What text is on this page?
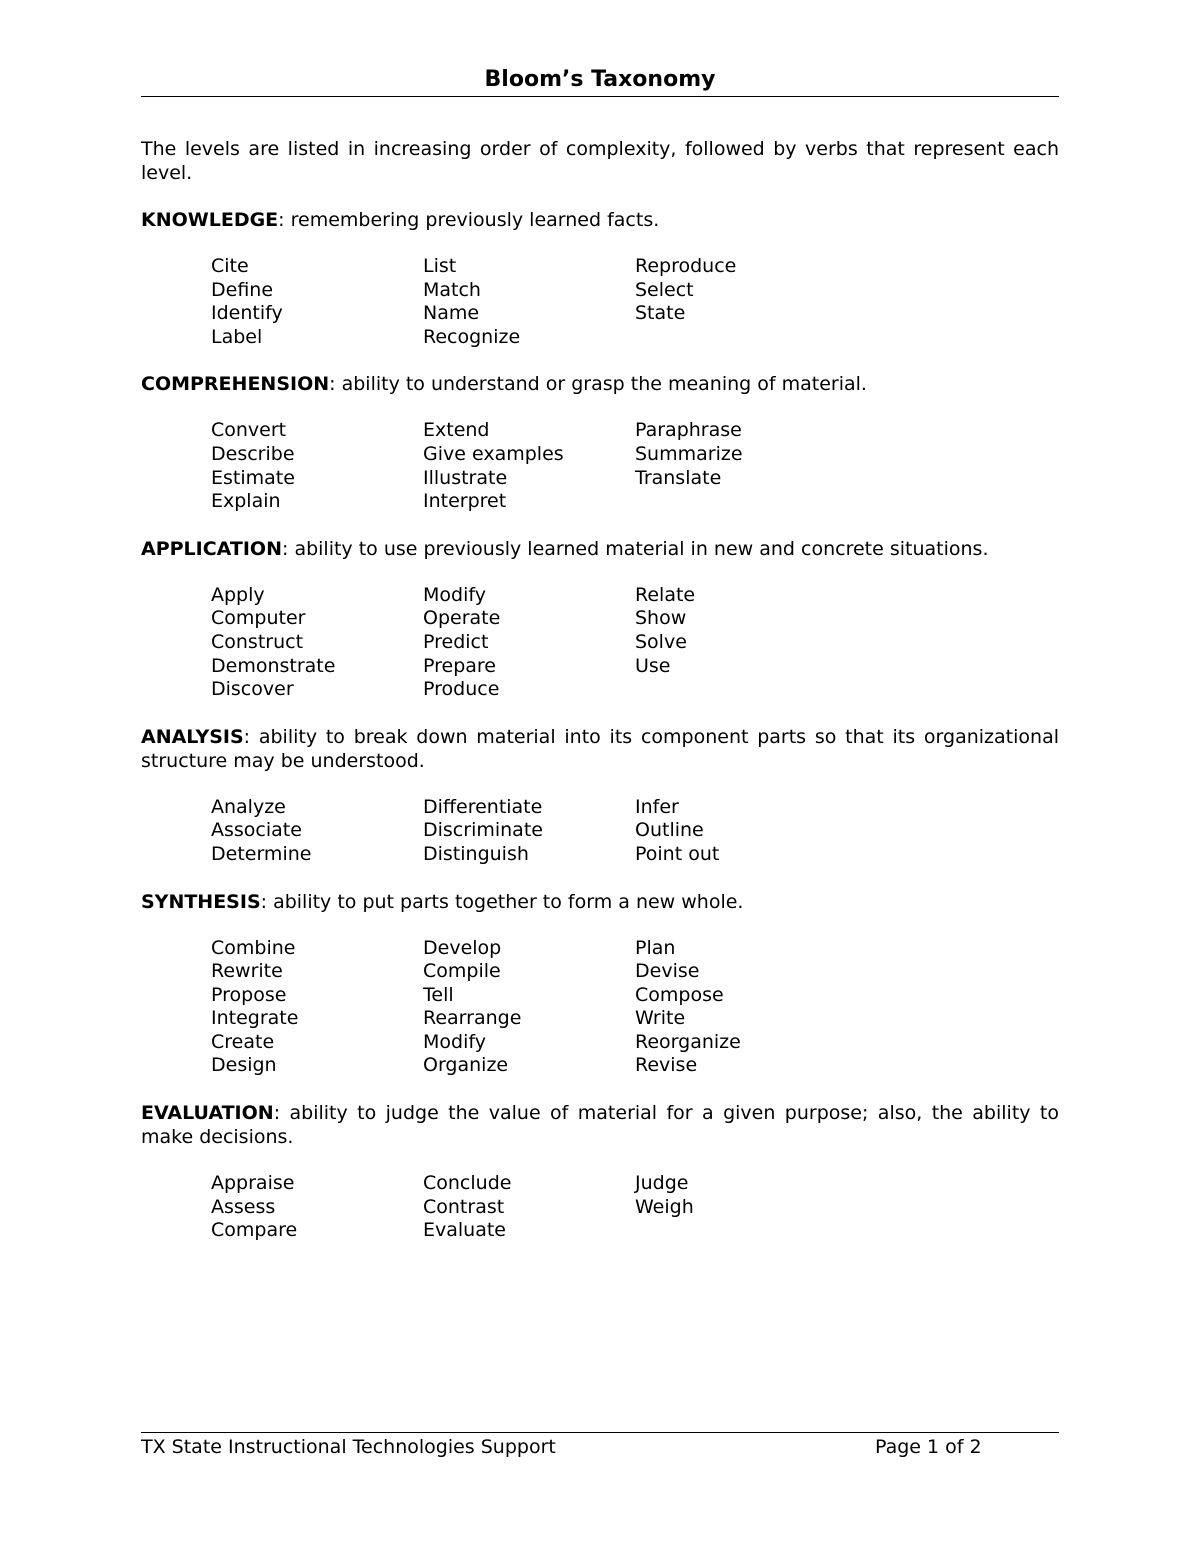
Bloom’s Taxonomy

The levels are listed in increasing order of complexity, followed by verbs that represent each level.

KNOWLEDGE: remembering previously learned facts.

Cite	List	Reproduce
Define	Match	Select
Identify	Name	State
Label	Recognize

COMPREHENSION: ability to understand or grasp the meaning of material.

Convert	Extend	Paraphrase
Describe	Give examples	Summarize
Estimate	Illustrate	Translate
Explain	Interpret

APPLICATION: ability to use previously learned material in new and concrete situations.

Apply	Modify	Relate
Computer	Operate	Show
Construct	Predict	Solve
Demonstrate	Prepare	Use
Discover	Produce

ANALYSIS: ability to break down material into its component parts so that its organizational structure may be understood.

Analyze	Differentiate	Infer
Associate	Discriminate	Outline
Determine	Distinguish	Point out

SYNTHESIS: ability to put parts together to form a new whole.

Combine	Develop	Plan
Rewrite	Compile	Devise
Propose	Tell	Compose
Integrate	Rearrange	Write
Create	Modify	Reorganize
Design	Organize	Revise

EVALUATION: ability to judge the value of material for a given purpose; also, the ability to make decisions.

Appraise	Conclude	Judge
Assess	Contrast	Weigh
Compare	Evaluate
TX State Instructional Technologies Support	Page 1 of 2
